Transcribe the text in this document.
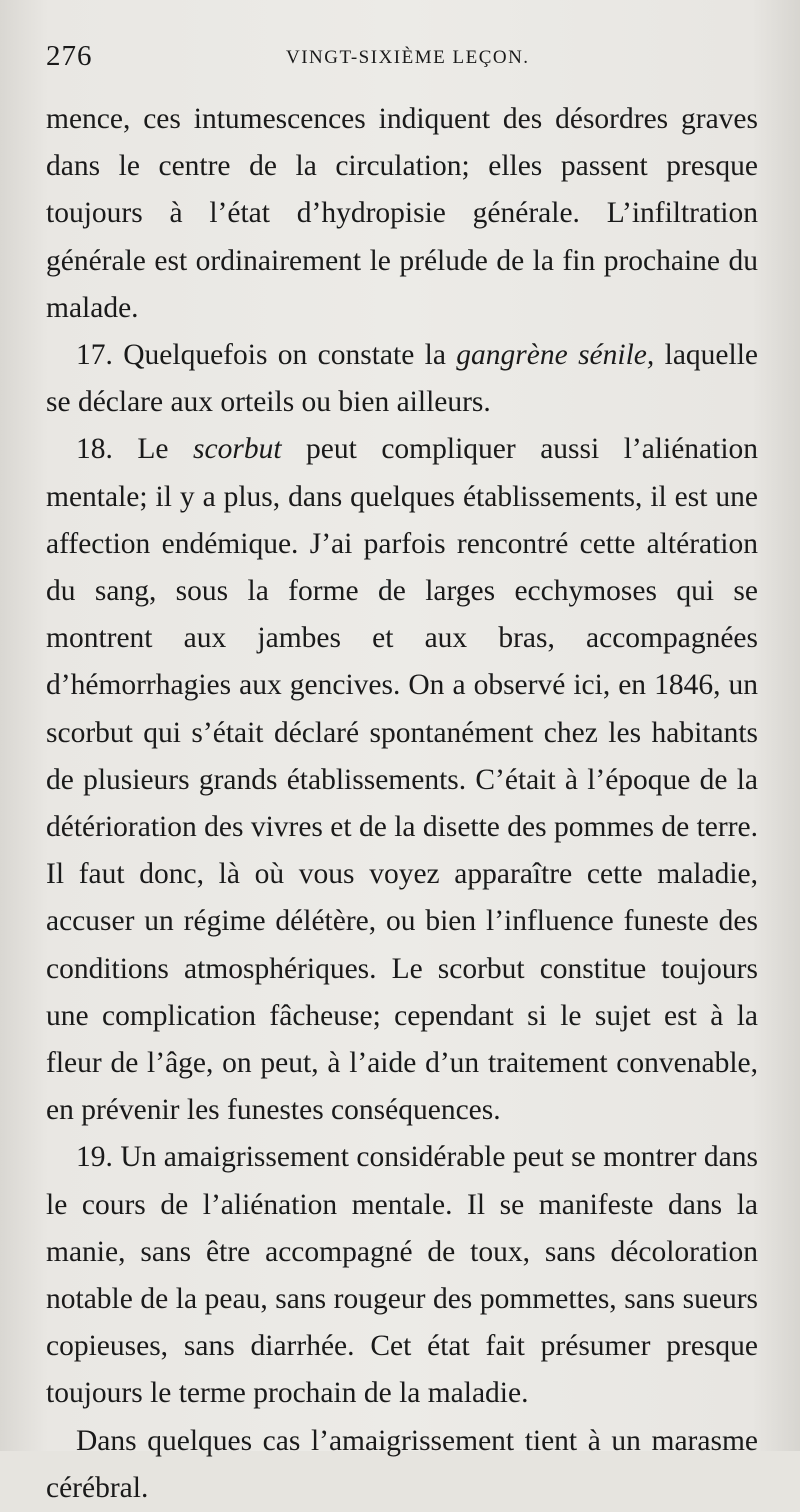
276	VINGT-SIXIÈME LEÇON.

mence, ces intumescences indiquent des désordres graves dans le centre de la circulation; elles passent presque toujours à l’état d’hydropisie générale. L’infiltration générale est ordinairement le prélude de la fin prochaine du malade.

17. Quelquefois on constate la gangrène sénile, laquelle se déclare aux orteils ou bien ailleurs.

18. Le scorbut peut compliquer aussi l’aliénation mentale; il y a plus, dans quelques établissements, il est une affection endémique. J’ai parfois rencontré cette altération du sang, sous la forme de larges ecchymoses qui se montrent aux jambes et aux bras, accompagnées d’hémorrhagies aux gencives. On a observé ici, en 1846, un scorbut qui s’était déclaré spontanément chez les habitants de plusieurs grands établissements. C’était à l’époque de la détérioration des vivres et de la disette des pommes de terre. Il faut donc, là où vous voyez apparaître cette maladie, accuser un régime délétère, ou bien l’influence funeste des conditions atmosphériques. Le scorbut constitue toujours une complication fâcheuse; cependant si le sujet est à la fleur de l’âge, on peut, à l’aide d’un traitement convenable, en prévenir les funestes conséquences.

19. Un amaigrissement considérable peut se montrer dans le cours de l’aliénation mentale. Il se manifeste dans la manie, sans être accompagné de toux, sans décoloration notable de la peau, sans rougeur des pommettes, sans sueurs copieuses, sans diarrhée. Cet état fait présumer presque toujours le terme prochain de la maladie.

Dans quelques cas l’amaigrissement tient à un marasme cérébral.
